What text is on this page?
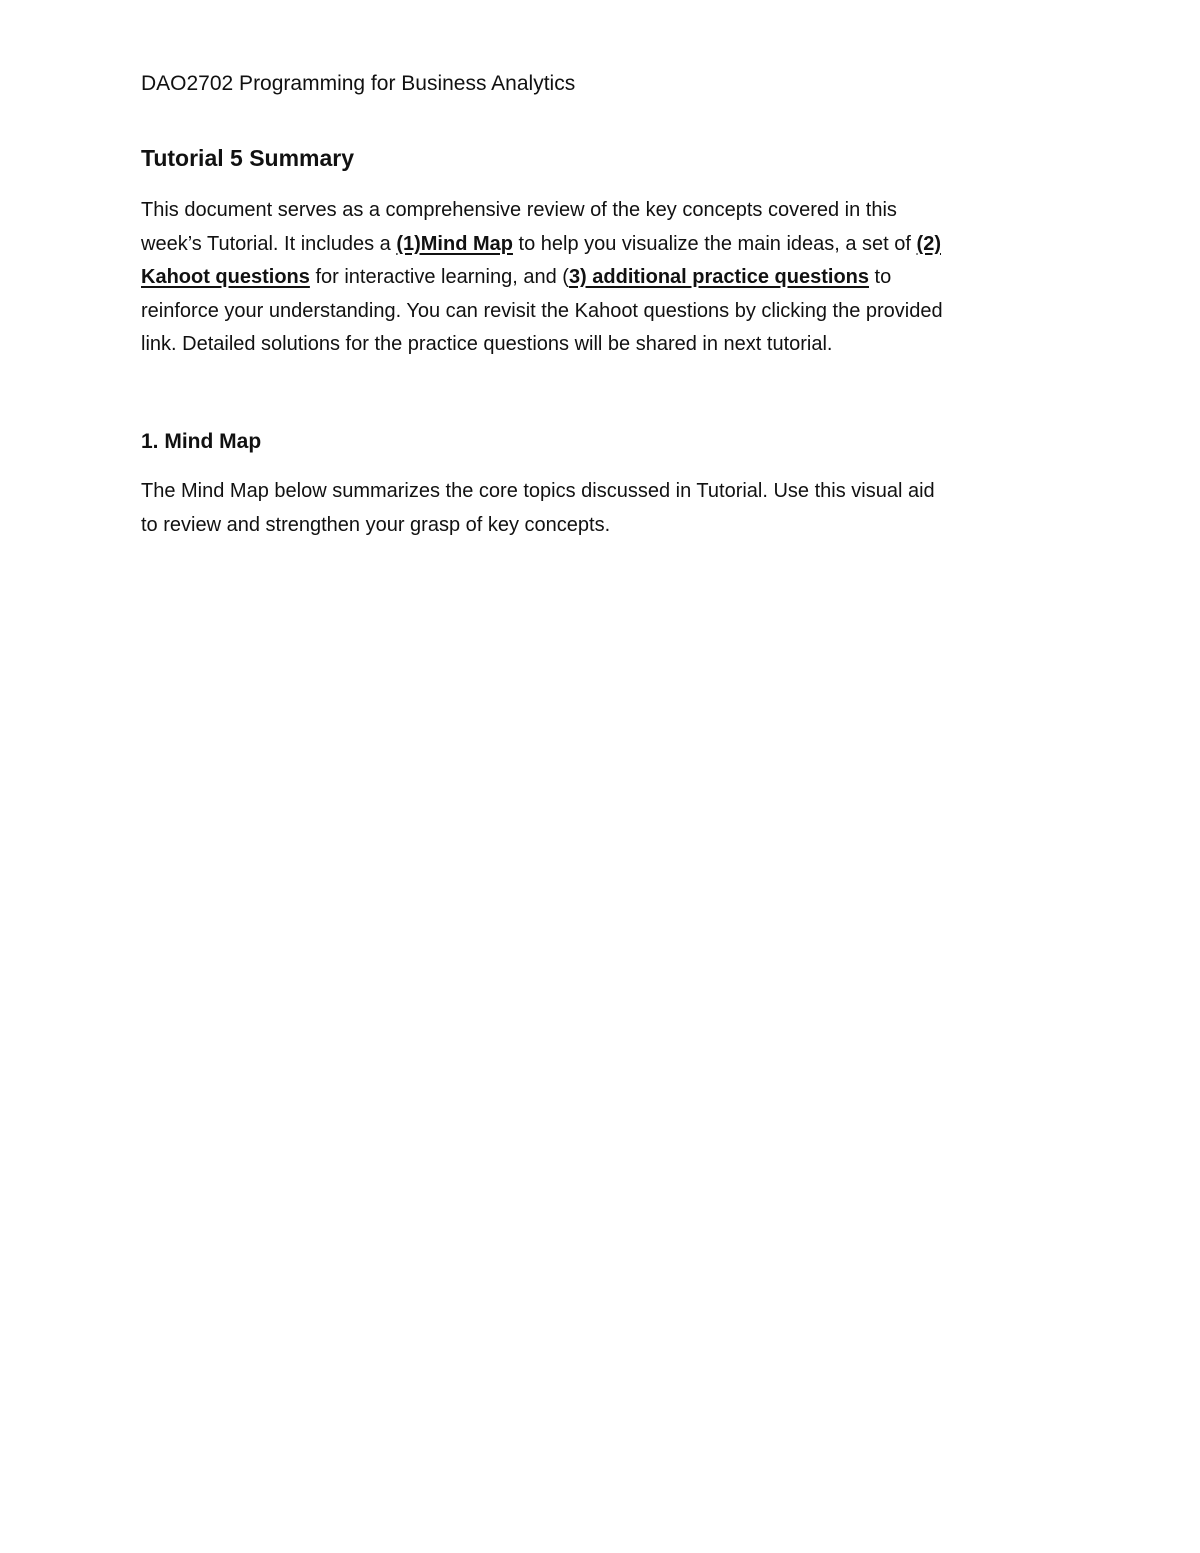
DAO2702 Programming for Business Analytics
Tutorial 5 Summary

This document serves as a comprehensive review of the key concepts covered in this
week’s Tutorial. It includes a (1)Mind Map to help you visualize the main ideas, a set of (2)
Kahoot questions for interactive learning, and (3) additional practice questions to
reinforce your understanding. You can revisit the Kahoot questions by clicking the provided
link. Detailed solutions for the practice questions will be shared in next tutorial.

1. Mind Map

The Mind Map below summarizes the core topics discussed in Tutorial. Use this visual aid
to review and strengthen your grasp of key concepts.
